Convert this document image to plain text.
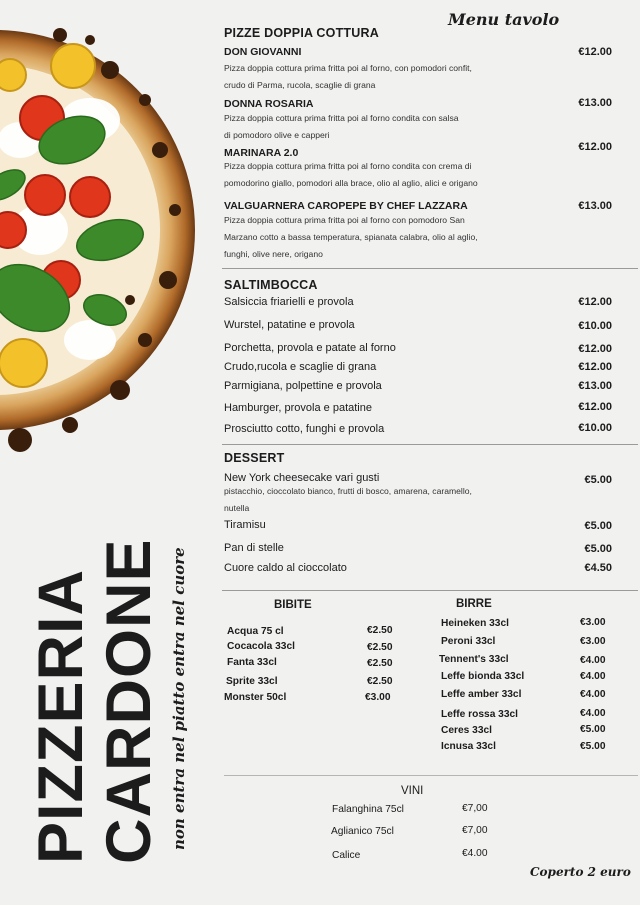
PIZZERIA
CARDONE non entra nel piatto entra nel cuore
Menu tavolo
PIZZE DOPPIA COTTURA
DON GIOVANNI	€12.00
Pizza doppia cottura prima fritta poi al forno, con pomodori confit,
crudo di Parma, rucola, scaglie di grana
DONNA ROSARIA	€13.00
Pizza doppia cottura prima fritta poi al forno condita con salsa
di pomodoro olive e capperi
MARINARA 2.0	€12.00
Pizza doppia cottura prima fritta poi al forno condita con crema di
pomodorino giallo, pomodori alla brace, olio al aglio, alici e origano
VALGUARNERA CAROPEPE BY CHEF LAZZARA	€13.00
Pizza doppia cottura prima fritta poi al forno con pomodoro San
Marzano cotto a bassa temperatura, spianata calabra, olio al aglio,
funghi, olive nere, origano
SALTIMBOCCA
Salsiccia friarielli e provola	€12.00
Wurstel, patatine e provola	€10.00
Porchetta, provola e patate al forno	€12.00
Crudo,rucola e scaglie di grana	€12.00
Parmigiana, polpettine e provola	€13.00
Hamburger, provola e patatine	€12.00
Prosciutto cotto, funghi e provola	€10.00
DESSERT
New York cheesecake vari gusti	€5.00
pistacchio, cioccolato bianco, frutti di bosco, amarena, caramello,
nutella
Tiramisu	€5.00
Pan di stelle	€5.00
Cuore caldo al cioccolato	€4.50
BIBITE
Acqua 75 cl	€2.50
Cocacola 33cl	€2.50
Fanta 33cl	€2.50
Sprite 33cl	€2.50
Monster 50cl	€3.00
BIRRE
Heineken 33cl	€3.00
Peroni 33cl	€3.00
Tennent's 33cl	€4.00
Leffe bionda 33cl	€4.00
Leffe amber 33cl	€4.00
Leffe rossa 33cl	€4.00
Ceres 33cl	€5.00
Icnusa 33cl	€5.00
VINI
Falanghina 75cl	€7,00
Aglianico 75cl	€7,00
Calice	€4.00
Coperto 2 euro
